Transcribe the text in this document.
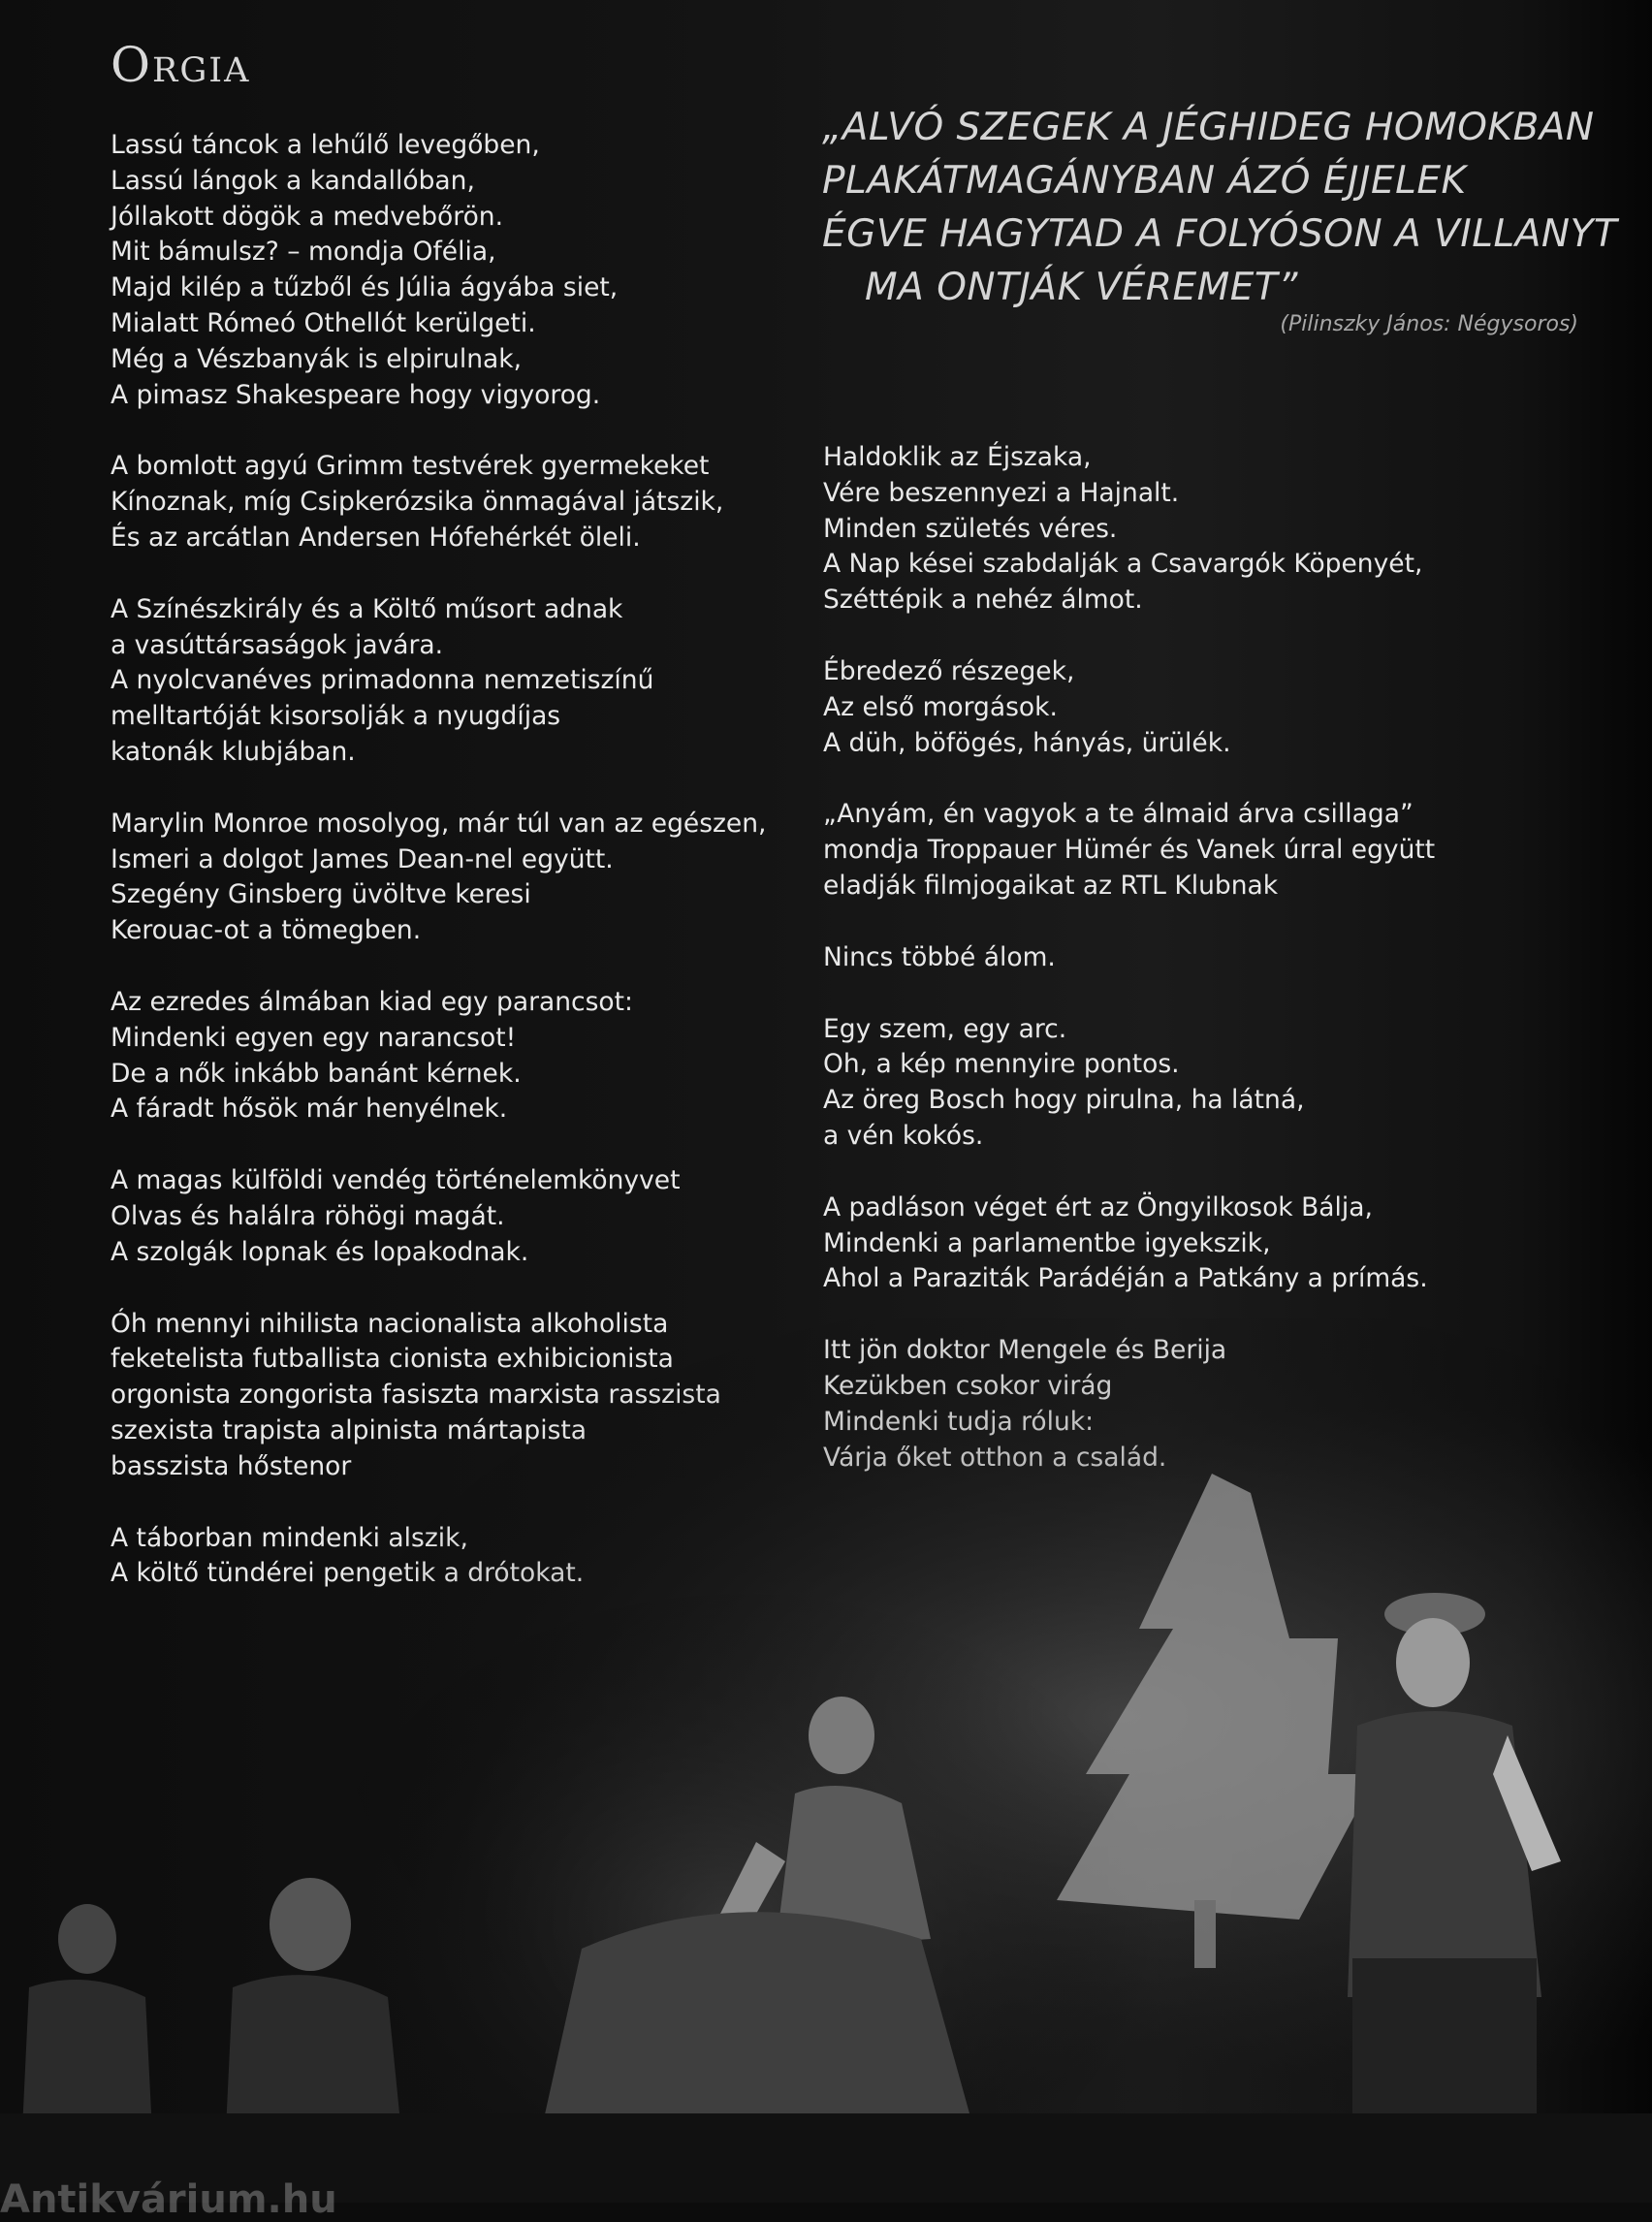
Orgia
„ALVÓ SZEGEK A JÉGHIDEG HOMOKBAN
PLAKÁTMAGÁNYBAN ÁZÓ ÉJJELEK
ÉGVE HAGYTAD A FOLYÓSON A VILLANYT
MA ONTJÁK VÉREMET”
(Pilinszky János: Négysoros)
Lassú táncok a lehűlő levegőben,
Lassú lángok a kandallóban,
Jóllakott dögök a medvebőrön.
Mit bámulsz? – mondja Ofélia,
Majd kilép a tűzből és Júlia ágyába siet,
Mialatt Rómeó Othellót kerülgeti.
Még a Vészbanyák is elpirulnak,
A pimasz Shakespeare hogy vigyorog.
A bomlott agyú Grimm testvérek gyermekeket
Kínoznak, míg Csipkerózsika önmagával játszik,
És az arcátlan Andersen Hófehérkét öleli.
A Színészkirály és a Költő műsort adnak
a vasúttársaságok javára.
A nyolcvanéves primadonna nemzetiszínű
melltartóját kisorsolják a nyugdíjas
katonák klubjában.
Marylin Monroe mosolyog, már túl van az egészen,
Ismeri a dolgot James Dean-nel együtt.
Szegény Ginsberg üvöltve keresi
Kerouac-ot a tömegben.
Az ezredes álmában kiad egy parancsot:
Mindenki egyen egy narancsot!
De a nők inkább banánt kérnek.
A fáradt hősök már henyélnek.
A magas külföldi vendég történelemkönyvet
Olvas és halálra röhögi magát.
A szolgák lopnak és lopakodnak.
Haldoklik az Éjszaka,
Vére beszennyezi a Hajnalt.
Minden születés véres.
A Nap kései szabdalják a Csavargók Köpenyét,
Széttépik a nehéz álmot.
Ébredező részegek,
Az első morgások.
A düh, böfögés, hányás, ürülék.
„Anyám, én vagyok a te álmaid árva csillaga”
mondja Troppauer Hümér és Vanek úrral együtt
eladják filmjogaikat az RTL Klubnak
Nincs többé álom.
Egy szem, egy arc.
Oh, a kép mennyire pontos.
Az öreg Bosch hogy pirulna, ha látná,
a vén kokós.
A padláson véget ért az Öngyilkosok Bálja,
Mindenki a parlamentbe igyekszik,
Ahol a Paraziták Parádéján a Patkány a prímás.
Antikvárium.hu
